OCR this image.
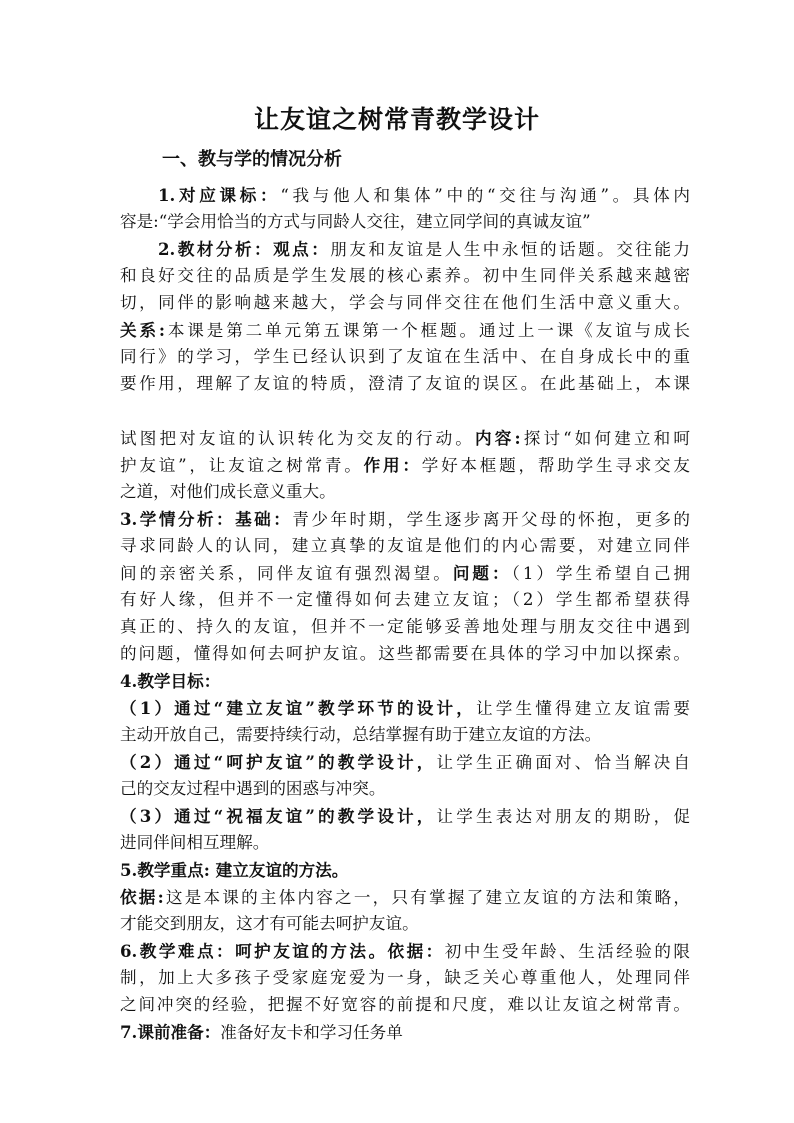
让友谊之树常青教学设计
一、教与学的情况分析
1.对应课标：“我与他人和集体”中的“交往与沟通”。具体内
容是:“学会用恰当的方式与同龄人交往，建立同学间的真诚友谊”
2.教材分析：观点：朋友和友谊是人生中永恒的话题。交往能力
和良好交往的品质是学生发展的核心素养。初中生同伴关系越来越密
切，同伴的影响越来越大，学会与同伴交往在他们生活中意义重大。
关系:本课是第二单元第五课第一个框题。通过上一课《友谊与成长
同行》的学习，学生已经认识到了友谊在生活中、在自身成长中的重
要作用，理解了友谊的特质，澄清了友谊的误区。在此基础上，本课
试图把对友谊的认识转化为交友的行动。内容:探讨“如何建立和呵
护友谊”，让友谊之树常青。作用：学好本框题，帮助学生寻求交友
之道，对他们成长意义重大。
3.学情分析：基础：青少年时期，学生逐步离开父母的怀抱，更多的
寻求同龄人的认同，建立真挚的友谊是他们的内心需要，对建立同伴
间的亲密关系，同伴友谊有强烈渴望。问题：（1）学生希望自己拥
有好人缘，但并不一定懂得如何去建立友谊；（2）学生都希望获得
真正的、持久的友谊，但并不一定能够妥善地处理与朋友交往中遇到
的问题，懂得如何去呵护友谊。这些都需要在具体的学习中加以探索。
4.教学目标：
（1）通过“建立友谊”教学环节的设计，让学生懂得建立友谊需要
主动开放自己，需要持续行动，总结掌握有助于建立友谊的方法。
（2）通过“呵护友谊”的教学设计，让学生正确面对、恰当解决自
己的交友过程中遇到的困惑与冲突。
（3）通过“祝福友谊”的教学设计，让学生表达对朋友的期盼，促
进同伴间相互理解。
5.教学重点: 建立友谊的方法。
依据:这是本课的主体内容之一，只有掌握了建立友谊的方法和策略，
才能交到朋友，这才有可能去呵护友谊。
6.教学难点：呵护友谊的方法。依据：初中生受年龄、生活经验的限
制，加上大多孩子受家庭宠爱为一身，缺乏关心尊重他人，处理同伴
之间冲突的经验，把握不好宽容的前提和尺度，难以让友谊之树常青。
7.课前准备：准备好友卡和学习任务单
